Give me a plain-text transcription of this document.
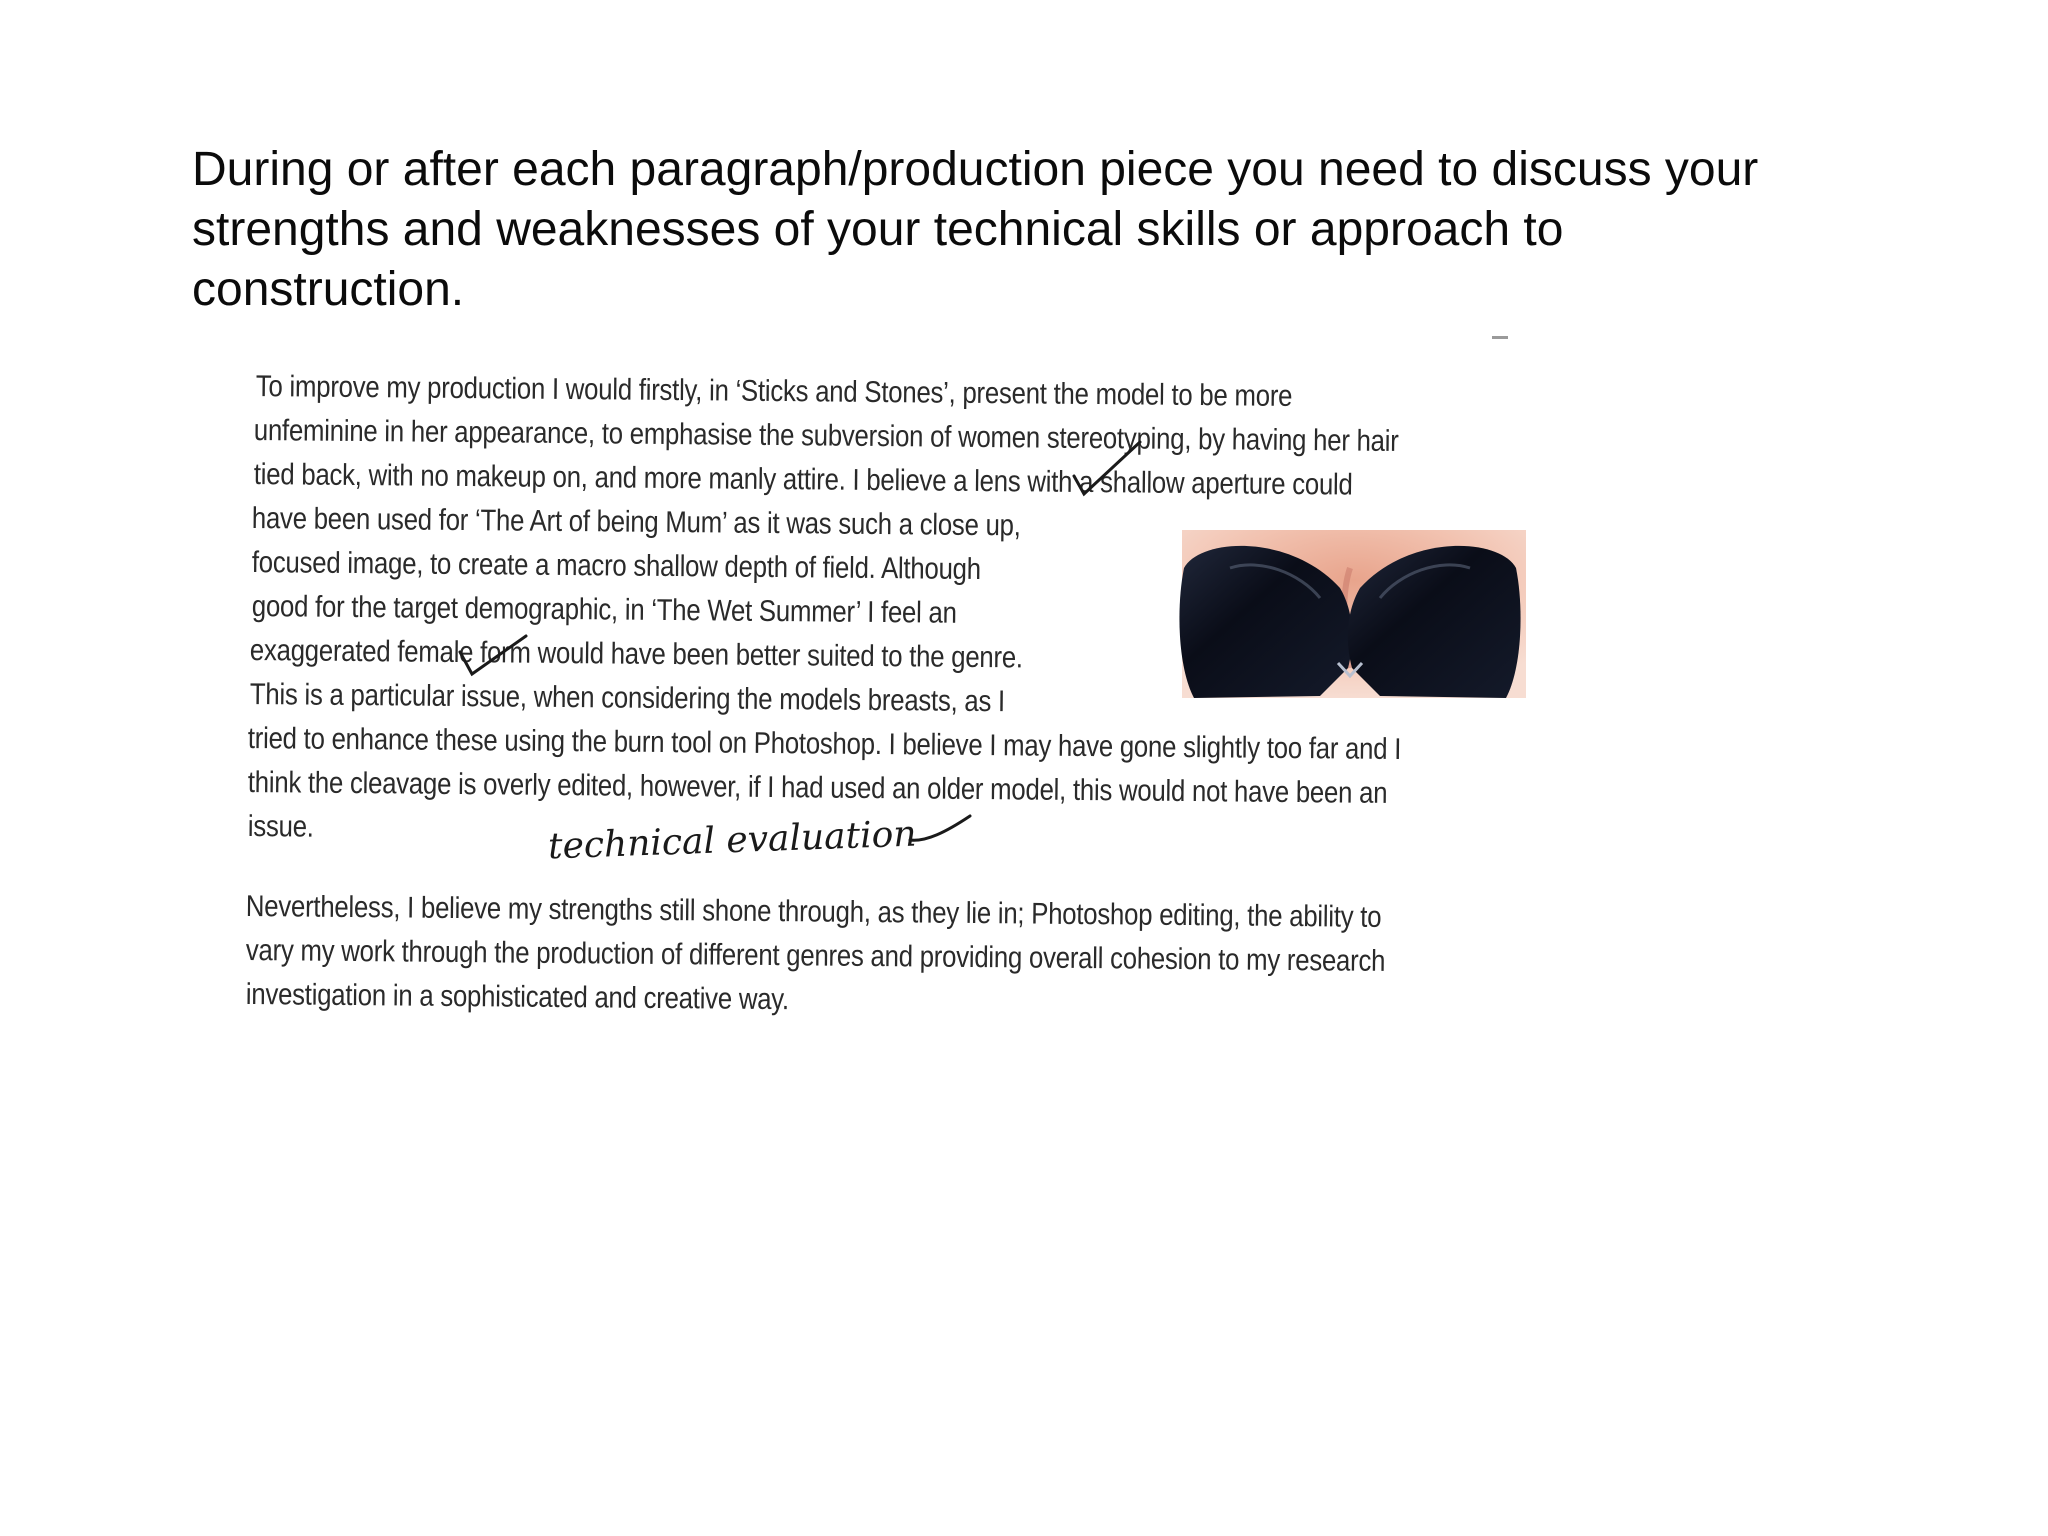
During or after each paragraph/production piece you need to discuss your strengths and weaknesses of your technical skills or approach to construction.
To improve my production I would firstly, in ‘Sticks and Stones’, present the model to be more
unfeminine in her appearance, to emphasise the subversion of women stereotyping, by having her hair
tied back, with no makeup on, and more manly attire. I believe a lens with a shallow aperture could
have been used for ‘The Art of being Mum’ as it was such a close up,
focused image, to create a macro shallow depth of field. Although
good for the target demographic, in ‘The Wet Summer’ I feel an
exaggerated female form would have been better suited to the genre.
This is a particular issue, when considering the models breasts, as I
tried to enhance these using the burn tool on Photoshop. I believe I may have gone slightly too far and I
think the cleavage is overly edited, however, if I had used an older model, this would not have been an
issue.	technical evaluation
Nevertheless, I believe my strengths still shone through, as they lie in; Photoshop editing, the ability to
vary my work through the production of different genres and providing overall cohesion to my research
investigation in a sophisticated and creative way.
